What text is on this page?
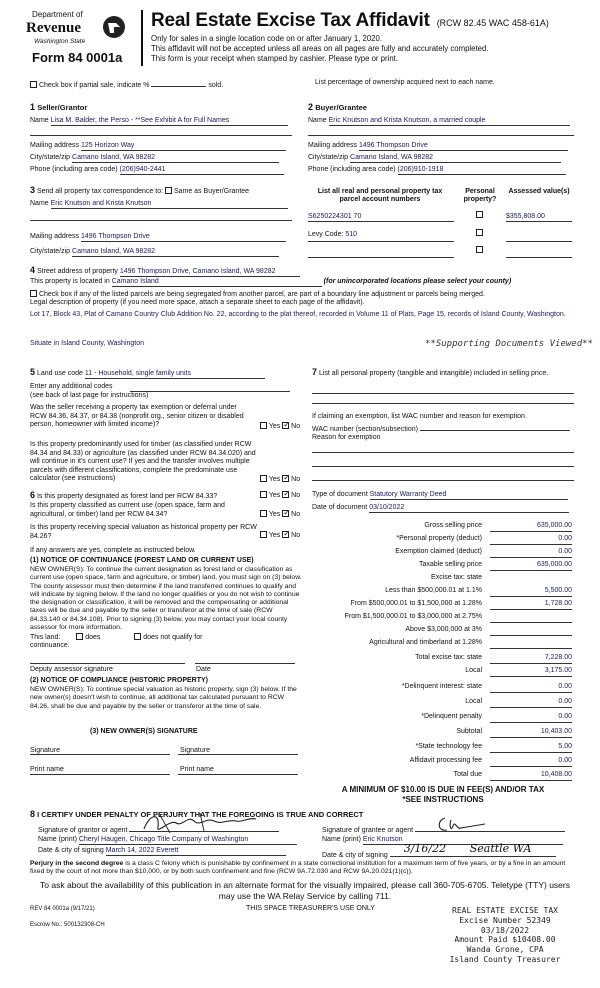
Department of
Revenue
Washington State
Form 84 0001a
Real Estate Excise Tax Affidavit (RCW 82.45 WAC 458-61A)
Only for sales in a single location code on or after January 1, 2020.
This affidavit will not be accepted unless all areas on all pages are fully and accurately completed.
This form is your receipt when stamped by cashier. Please type or print.
Check box if partial sale, indicate %	sold.	List percentage of ownership acquired next to each name.
1 Seller/Grantor
Name Lisa M. Balder, the Perso - **See Exhibit A for Full Names
Mailing address 125 Horizon Way
City/state/zip Camano Island, WA 98282
Phone (including area code) (206)940-2441
2 Buyer/Grantee
Name Eric Knutson and Krista Knutson, a married couple
Mailing address 1496 Thompson Drive
City/state/zip Camano Island, WA 98282
Phone (including area code) (206)910-1918
3 Send all property tax correspondence to: Same as Buyer/Grantee
Name Eric Knutson and Krista Knutson
Mailing address 1496 Thompson Drive
City/state/zip Camano Island, WA 98282
List all real and personal property tax parcel account numbers
Personal property?
Assessed value(s)
S6250224301 70	$355,808.00
Levy Code: 510
4 Street address of property 1496 Thompson Drive, Camano Island, WA 98282
This property is located in Camano Island	(for unincorporated locations please select your county)
Check box if any of the listed parcels are being segregated from another parcel, are part of a boundary line adjustment or parcels being merged.
Legal description of property (if you need more space, attach a separate sheet to each page of the affidavit).
Lot 17, Block 43, Plat of Camano Country Club Addition No. 22, according to the plat thereof, recorded in Volume 11 of Plats, Page 15, records of Island County, Washington.
Situate in Island County, Washington	**Supporting Documents Viewed**
5 Land use code 11 - Household, single family units
Enter any additional codes
(see back of last page for instructions)
Was the seller receiving a property tax exemption or deferral under RCW 84.36, 84.37, or 84.38 (nonprofit org., senior citizen or disabled person, homeowner with limited income)?	Yes ✓ No
Is this property predominantly used for timber (as classified under RCW 84.34 and 84.33) or agriculture (as classified under RCW 84.34.020) and will continue in it's current use? If yes and the transfer involves multiple parcels with different classifications, complete the predominate use calculator (see instructions)	Yes ✓ No
7 List all personal property (tangible and intangible) included in selling price.
If claiming an exemption, list WAC number and reason for exemption.
WAC number (section/subsection)
Reason for exemption
6 Is this property designated as forest land per RCW 84.33?	Yes ✓ No
Is this property classified as current use (open space, farm and agricultural, or timber) land per RCW 84.34?	Yes ✓ No
Is this property receiving special valuation as historical property per RCW 84.26?	Yes ✓ No
If any answers are yes, complete as instructed below.
(1) NOTICE OF CONTINUANCE (FOREST LAND OR CURRENT USE)
NEW OWNER(S): To continue the current designation as forest land or classification as current use (open space, farm and agriculture, or timber) land, you must sign on (3) below. The county assessor must then determine if the land transferred continues to qualify and will indicate by signing below. If the land no longer qualifies or you do not wish to continue the designation or classification, it will be removed and the compensating or additional taxes will be due and payable by the seller or transferor at the time of sale (RCW 84.33.140 or 84.34.108). Prior to signing (3) below, you may contact your local county assessor for more information.
This land:	does	does not qualify for
continuance.
Deputy assessor signature	Date
(2) NOTICE OF COMPLIANCE (HISTORIC PROPERTY)
NEW OWNER(S): To continue special valuation as historic property, sign (3) below. If the new owner(s) doesn't wish to continue, all additional tax calculated pursuant to RCW 84.26, shall be due and payable by the seller or transferor at the time of sale.
(3) NEW OWNER(S) SIGNATURE
Signature	Signature
Print name	Print name
Type of document Statutory Warranty Deed
Date of document 03/10/2022
Gross selling price	635,000.00
*Personal property (deduct)	0.00
Exemption claimed (deduct)	0.00
Taxable selling price	635,000.00
Excise tax: state
Less than $500,000.01 at 1.1%	5,500.00
From $500,000.01 to $1,500,000 at 1.28%	1,728.00
From $1,500,000.01 to $3,000,000 at 2.75%
Above $3,000,000 at 3%
Agricultural and timberland at 1.28%
Total excise tax: state	7,228.00
Local	3,175.00
*Delinquent interest: state	0.00
Local	0.00
*Delinquent penalty	0.00
Subtotal	10,403.00
*State technology fee	5.00
Affidavit processing fee	0.00
Total due	10,408.00
A MINIMUM OF $10.00 IS DUE IN FEE(S) AND/OR TAX
*SEE INSTRUCTIONS
8 I CERTIFY UNDER PENALTY OF PERJURY THAT THE FOREGOING IS TRUE AND CORRECT
Signature of grantor or agent
Name (print) Cheryl Haugen, Chicago Title Company of Washington
Date & city of signing March 14, 2022 Everett
Signature of grantee or agent
Name (print) Eric Knutson
Date & city of signing
3/16/22 Seattle WA
Perjury in the second degree is a class C felony which is punishable by confinement in a state correctional institution for a maximum term of five years, or by a fine in an amount fixed by the court of not more than $10,000, or by both such confinement and fine (RCW 9A.72.030 and RCW 9A.20.021(1)(c)).
To ask about the availability of this publication in an alternate format for the visually impaired, please call 360-705-6705. Teletype (TTY) users may use the WA Relay Service by calling 711.
REV 84 0001a (9/17/21)	THIS SPACE TREASURER'S USE ONLY
Escrow No.: 500132308-CH
REAL ESTATE EXCISE TAX
Excise Number 52349
03/18/2022
Amount Paid $10408.00
Wanda Grone, CPA
Island County Treasurer
